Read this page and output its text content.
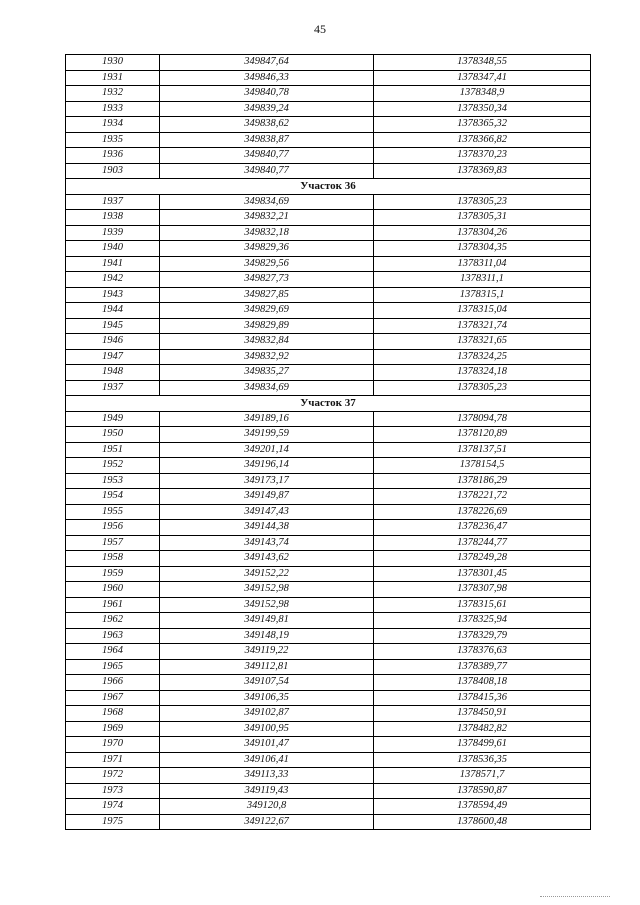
45
1930	349847,64	1378348,55
1931	349846,33	1378347,41
1932	349840,78	1378348,9
1933	349839,24	1378350,34
1934	349838,62	1378365,32
1935	349838,87	1378366,82
1936	349840,77	1378370,23
1903	349840,77	1378369,83
Участок 36		
1937	349834,69	1378305,23
1938	349832,21	1378305,31
1939	349832,18	1378304,26
1940	349829,36	1378304,35
1941	349829,56	1378311,04
1942	349827,73	1378311,1
1943	349827,85	1378315,1
1944	349829,69	1378315,04
1945	349829,89	1378321,74
1946	349832,84	1378321,65
1947	349832,92	1378324,25
1948	349835,27	1378324,18
1937	349834,69	1378305,23
Участок 37		
1949	349189,16	1378094,78
1950	349199,59	1378120,89
1951	349201,14	1378137,51
1952	349196,14	1378154,5
1953	349173,17	1378186,29
1954	349149,87	1378221,72
1955	349147,43	1378226,69
1956	349144,38	1378236,47
1957	349143,74	1378244,77
1958	349143,62	1378249,28
1959	349152,22	1378301,45
1960	349152,98	1378307,98
1961	349152,98	1378315,61
1962	349149,81	1378325,94
1963	349148,19	1378329,79
1964	349119,22	1378376,63
1965	349112,81	1378389,77
1966	349107,54	1378408,18
1967	349106,35	1378415,36
1968	349102,87	1378450,91
1969	349100,95	1378482,82
1970	349101,47	1378499,61
1971	349106,41	1378536,35
1972	349113,33	1378571,7
1973	349119,43	1378590,87
1974	349120,8	1378594,49
1975	349122,67	1378600,48
